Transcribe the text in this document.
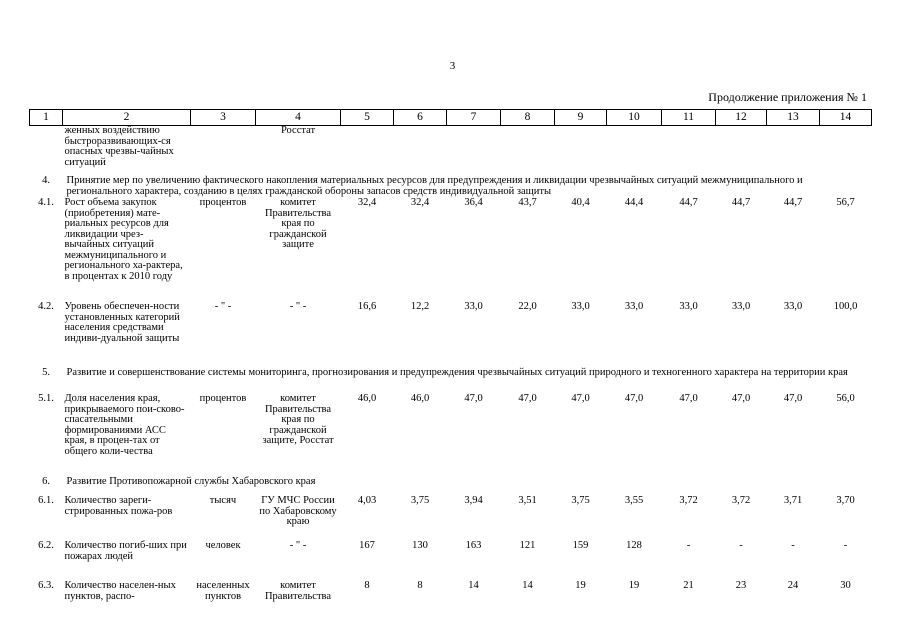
3
Продолжение приложения № 1
1	2	3	4	5	6	7	8	9	10	11	12	13	14
	женных воздействию быстроразвивающих-ся опасных чрезвы-чайных ситуаций		Росстат										
4.	Принятие мер по увеличению фактического накопления материальных ресурсов для предупреждения и ликвидации чрезвычайных ситуаций межмуниципального и регионального характера, созданию в целях гражданской обороны запасов средств индивидуальной защиты												
4.1.	Рост объема закупок (приобретения) мате-риальных ресурсов для ликвидации чрез-вычайных ситуаций межмуниципального и регионального ха-рактера, в процентах к 2010 году	процентов	комитет Правительства края по гражданской защите	32,4	32,4	36,4	43,7	40,4	44,4	44,7	44,7	44,7	56,7
4.2.	Уровень обеспечен-ности установленных категорий населения средствами индиви-дуальной защиты	- " -	- " -	16,6	12,2	33,0	22,0	33,0	33,0	33,0	33,0	33,0	100,0
5.	Развитие и совершенствование системы мониторинга, прогнозирования и предупреждения чрезвычайных ситуаций природного и техногенного характера на территории края												
5.1.	Доля населения края, прикрываемого пои-сково-спасательными формированиями АСС края, в процен-тах от общего коли-чества	процентов	комитет Правительства края по гражданской защите, Росстат	46,0	46,0	47,0	47,0	47,0	47,0	47,0	47,0	47,0	56,0
6.	Развитие Противопожарной службы Хабаровского края												
6.1.	Количество зареги-стрированных пожа-ров	тысяч	ГУ МЧС России по Хабаровскому краю	4,03	3,75	3,94	3,51	3,75	3,55	3,72	3,72	3,71	3,70
6.2.	Количество погиб-ших при пожарах людей	человек	- " -	167	130	163	121	159	128	-	-	-	-
6.3.	Количество населен-ных пунктов, распо-	населенных пунктов	комитет Правительства	8	8	14	14	19	19	21	23	24	30
